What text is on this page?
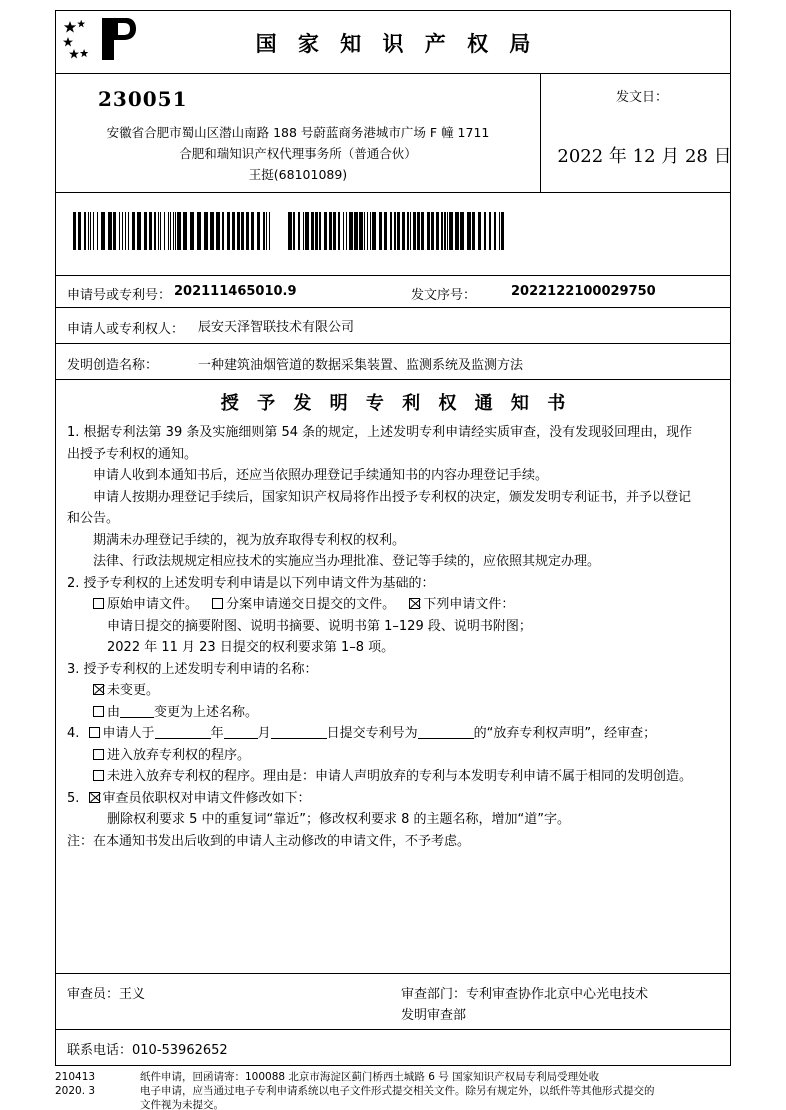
国 家 知 识 产 权 局
230051
安徽省合肥市蜀山区潜山南路 188 号蔚蓝商务港城市广场 F 幢 1711
合肥和瑞知识产权代理事务所（普通合伙）
王挺(68101089)
发文日：
2022 年 12 月 28 日
申请号或专利号： 202111465010.9	发文序号：	2022122100029750
申请人或专利权人： 辰安天泽智联技术有限公司
发明创造名称：	一种建筑油烟管道的数据采集装置、监测系统及监测方法
授 予 发 明 专 利 权 通 知 书

1. 根据专利法第 39 条及实施细则第 54 条的规定，上述发明专利申请经实质审查，没有发现驳回理由，现作

出授予专利权的通知。

申请人收到本通知书后，还应当依照办理登记手续通知书的内容办理登记手续。

申请人按期办理登记手续后，国家知识产权局将作出授予专利权的决定，颁发发明专利证书，并予以登记

和公告。

期满未办理登记手续的，视为放弃取得专利权的权利。

法律、行政法规规定相应技术的实施应当办理批准、登记等手续的，应依照其规定办理。

2. 授予专利权的上述发明专利申请是以下列申请文件为基础的：

原始申请文件。 分案申请递交日提交的文件。 下列申请文件：

申请日提交的摘要附图、说明书摘要、说明书第 1–129 段、说明书附图；

2022 年 11 月 23 日提交的权利要求第 1–8 项。

3. 授予专利权的上述发明专利申请的名称：

未变更。

由	变更为上述名称。

4. 申请人于	年	月	日提交专利号为	的“放弃专利权声明”，经审查；

进入放弃专利权的程序。

未进入放弃专利权的程序。理由是：申请人声明放弃的专利与本发明专利申请不属于相同的发明创造。

5. 审查员依职权对申请文件修改如下：

删除权利要求 5 中的重复词“靠近”；修改权利要求 8 的主题名称，增加“道”字。

注：在本通知书发出后收到的申请人主动修改的申请文件，不予考虑。

审查员：王义	审查部门：专利审查协作北京中心光电技术
发明审查部
联系电话：010-53962652
210413
2020. 3
纸件申请，回函请寄：100088 北京市海淀区蓟门桥西土城路 6 号 国家知识产权局专利局受理处收
电子申请，应当通过电子专利申请系统以电子文件形式提交相关文件。除另有规定外，以纸件等其他形式提交的
文件视为未提交。
